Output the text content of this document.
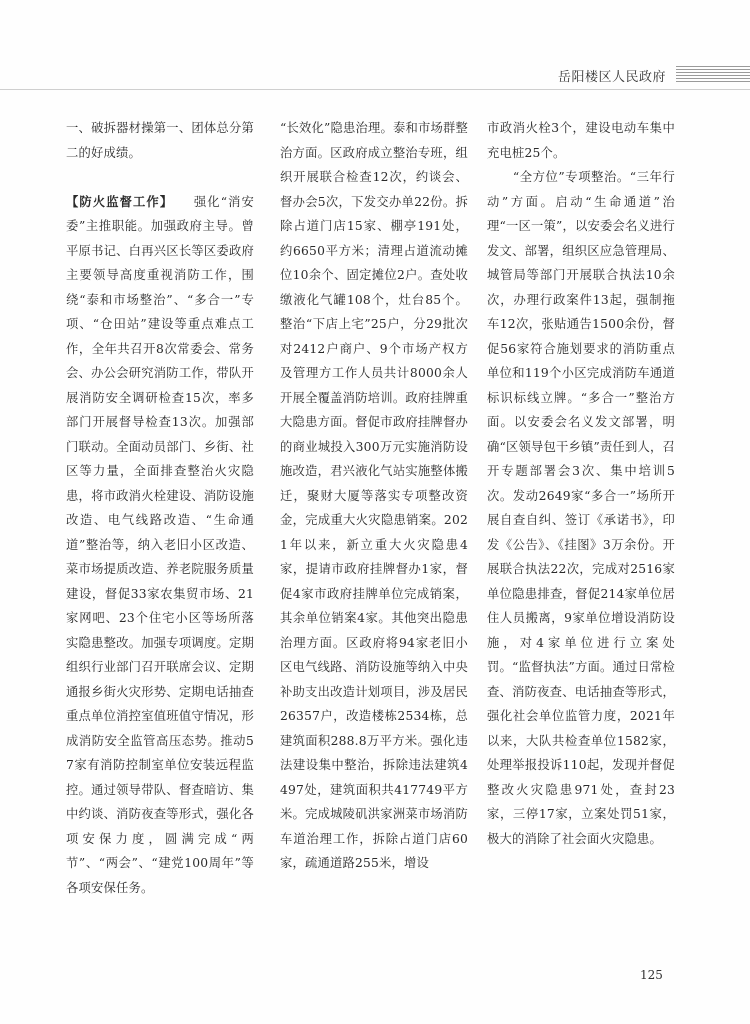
岳阳楼区人民政府

一、破拆器材操第一、团体总分第二的好成绩。

【防火监督工作】　　 强化“消安委”主推职能。加强政府主导。曾平原书记、白再兴区长等区委政府主要领导高度重视消防工作，围绕“泰和市场整治”、“多合一”专项、“仓田站”建设等重点难点工作，全年共召开8次常委会、常务会、办公会研究消防工作，带队开展消防安全调研检查15次，率多部门开展督导检查13次。加强部门联动。全面动员部门、乡街、社区等力量，全面排查整治火灾隐患，将市政消火栓建设、消防设施改造、电气线路改造、“生命通道”整治等，纳入老旧小区改造、菜市场提质改造、养老院服务质量建设，督促33家农集贸市场、21家网吧、23个住宅小区等场所落实隐患整改。加强专项调度。定期组织行业部门召开联席会议、定期通报乡街火灾形势、定期电话抽查重点单位消控室值班值守情况，形成消防安全监管高压态势。推动57家有消防控制室单位安装远程监控。通过领导带队、督查暗访、集中约谈、消防夜查等形式，强化各项安保力度，圆满完成“两节”、“两会”、“建党100周年”等各项安保任务。

“长效化”隐患治理。泰和市场群整治方面。区政府成立整治专班，组织开展联合检查12次，约谈会、督办会5次，下发交办单22份。拆除占道门店15家、棚亭191处，约6650平方米；清理占道流动摊位10余个、固定摊位2户。查处收缴液化气罐108个，灶台85个。整治“下店上宅”25户，分29批次对2412户商户、9个市场产权方及管理方工作人员共计8000余人开展全覆盖消防培训。政府挂牌重大隐患方面。督促市政府挂牌督办的商业城投入300万元实施消防设施改造，君兴液化气站实施整体搬迁，聚财大厦等落实专项整改资金，完成重大火灾隐患销案。2021年以来，新立重大火灾隐患4家，提请市政府挂牌督办1家，督促4家市政府挂牌单位完成销案，其余单位销案4家。其他突出隐患治理方面。区政府将94家老旧小区电气线路、消防设施等纳入中央补助支出改造计划项目，涉及居民26357户，改造楼栋2534栋，总建筑面积288.8万平方米。强化违法建设集中整治，拆除违法建筑4497处，建筑面积共417749平方米。完成城陵矶洪家洲菜市场消防车道治理工作，拆除占道门店60家，疏通道路255米，增设

市政消火栓3个，建设电动车集中充电桩25个。

　　“全方位”专项整治。“三年行动”方面。启动“生命通道”治理“一区一策”，以安委会名义进行发文、部署，组织区应急管理局、城管局等部门开展联合执法10余次，办理行政案件13起，强制拖车12次，张贴通告1500余份，督促56家符合施划要求的消防重点单位和119个小区完成消防车通道标识标线立牌。“多合一”整治方面。以安委会名义发文部署，明确“区领导包干乡镇”责任到人，召开专题部署会3次、集中培训5次。发动2649家“多合一”场所开展自查自纠、签订《承诺书》，印发《公告》、《挂图》3万余份。开展联合执法22次，完成对2516家单位隐患排查，督促214家单位居住人员搬离，9家单位增设消防设施，对4家单位进行立案处罚。“监督执法”方面。通过日常检查、消防夜查、电话抽查等形式，强化社会单位监管力度，2021年以来，大队共检查单位1582家，处理举报投诉110起，发现并督促整改火灾隐患971处，查封23家，三停17家，立案处罚51家，极大的消除了社会面火灾隐患。

125
